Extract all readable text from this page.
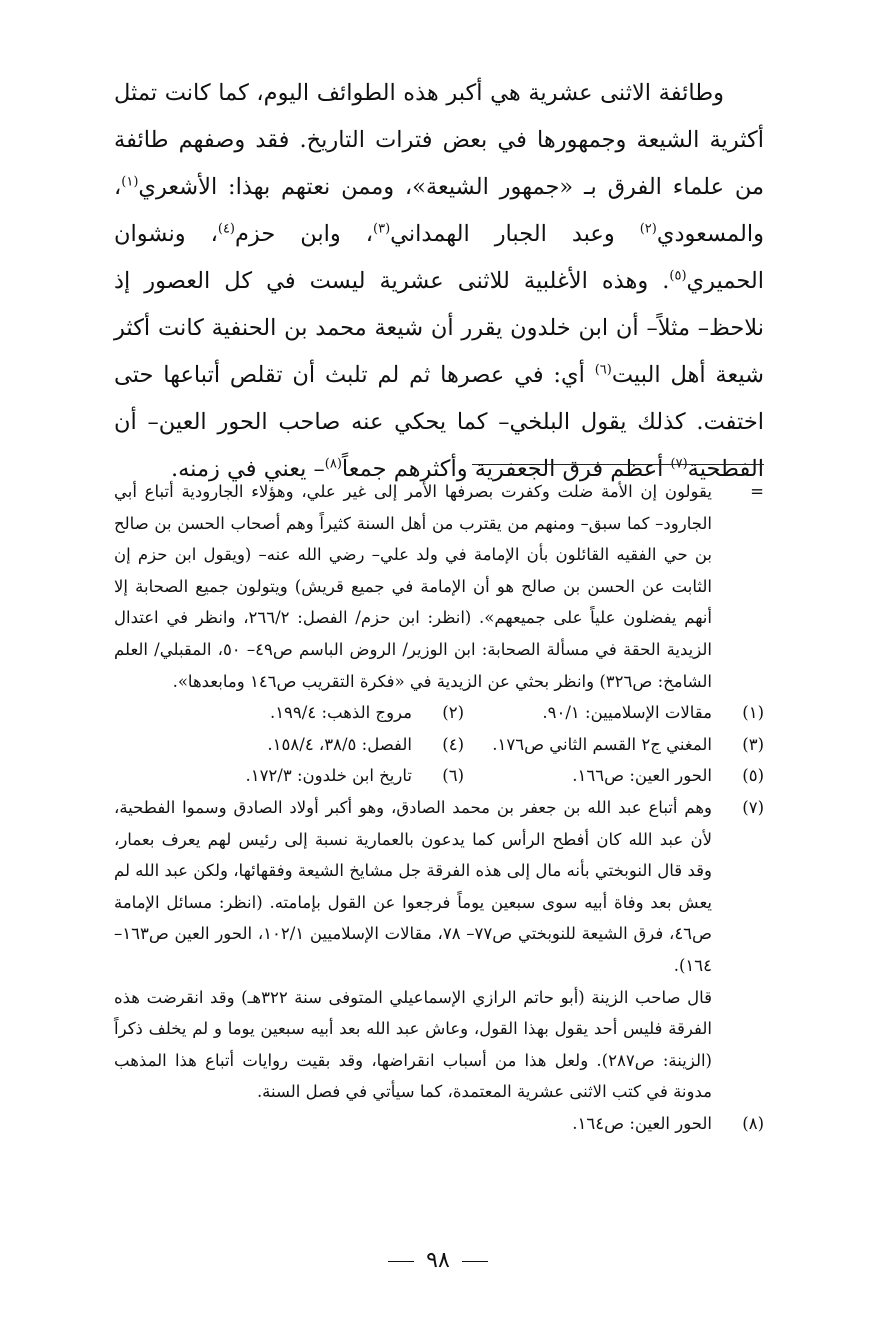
وطائفة الاثنى عشرية هي أكبر هذه الطوائف اليوم، كما كانت تمثل أكثرية الشيعة وجمهورها في بعض فترات التاريخ. فقد وصفهم طائفة من علماء الفرق بـ «جمهور الشيعة»، وممن نعتهم بهذا: الأشعري$^{(١)}$، والمسعودي$^{(٢)}$ وعبد الجبار الهمداني$^{(٣)}$، وابن حزم$^{(٤)}$، ونشوان الحميري$^{(٥)}$. وهذه الأغلبية للاثنى عشرية ليست في كل العصور إذ نلاحظ– مثلاً– أن ابن خلدون يقرر أن شيعة محمد بن الحنفية كانت أكثر شيعة أهل البيت$^{(٦)}$ أي: في عصرها ثم لم تلبث أن تقلص أتباعها حتى اختفت. كذلك يقول البلخي– كما يحكي عنه صاحب الحور العين– أن الفطحية$^{(٧)}$ أعظم فرق الجعفرية وأكثرهم جمعاً$^{(٨)}$– يعني في زمنه.

=
يقولون إن الأمة ضلت وكفرت بصرفها الأمر إلى غير علي، وهؤلاء الجارودية أتباع أبي الجارود– كما سبق– ومنهم من يقترب من أهل السنة كثيراً وهم أصحاب الحسن بن صالح بن حي الفقيه القائلون بأن الإمامة في ولد علي– رضي الله عنه– (ويقول ابن حزم إن الثابت عن الحسن بن صالح هو أن الإمامة في جميع قريش) ويتولون جميع الصحابة إلا أنهم يفضلون علياً على جميعهم». (انظر: ابن حزم/ الفصل: ٢٦٦/٢، وانظر في اعتدال الزيدية الحقة في مسألة الصحابة: ابن الوزير/ الروض الباسم ص٤٩– ٥٠، المقبلي/ العلم الشامخ: ص٣٢٦) وانظر بحثي عن الزيدية في «فكرة التقريب ص١٤٦ ومابعدها».
(١)
مقالات الإسلاميين: ٩٠/١.
(٢)
مروج الذهب: ١٩٩/٤.
(٣)
المغني ج٢ القسم الثاني ص١٧٦.
(٤)
الفصل: ٣٨/٥، ١٥٨/٤.
(٥)
الحور العين: ص١٦٦.
(٦)
تاريخ ابن خلدون: ١٧٢/٣.
(٧)
وهم أتباع عبد الله بن جعفر بن محمد الصادق، وهو أكبر أولاد الصادق وسموا الفطحية، لأن عبد الله كان أفطح الرأس كما يدعون بالعمارية نسبة إلى رئيس لهم يعرف بعمار، وقد قال النوبختي بأنه مال إلى هذه الفرقة جل مشايخ الشيعة وفقهائها، ولكن عبد الله لم يعش بعد وفاة أبيه سوى سبعين يوماً فرجعوا عن القول بإمامته. (انظر: مسائل الإمامة ص٤٦، فرق الشيعة للنوبختي ص٧٧– ٧٨، مقالات الإسلاميين ١٠٢/١، الحور العين ص١٦٣–١٦٤).
قال صاحب الزينة (أبو حاتم الرازي الإسماعيلي المتوفى سنة ٣٢٢هـ) وقد انقرضت هذه الفرقة فليس أحد يقول بهذا القول، وعاش عبد الله بعد أبيه سبعين يوما و لم يخلف ذكراً (الزينة: ص٢٨٧). ولعل هذا من أسباب انقراضها، وقد بقيت روايات أتباع هذا المذهب مدونة في كتب الاثنى عشرية المعتمدة، كما سيأتي في فصل السنة.
(٨)
الحور العين: ص١٦٤.
٩٨
